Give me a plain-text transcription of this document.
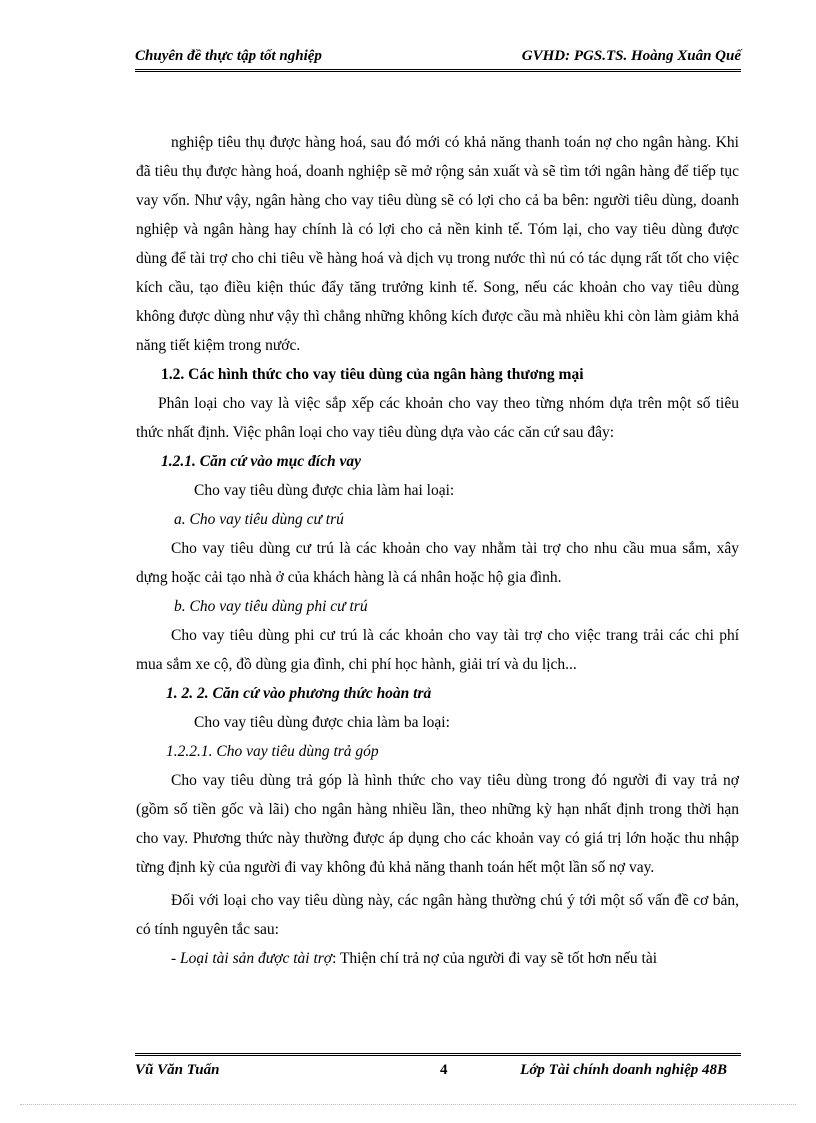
Chuyên đề thực tập tốt nghiệp	GVHD: PGS.TS. Hoàng Xuân Quế

nghiệp tiêu thụ được hàng hoá, sau đó mới có khả năng thanh toán nợ cho ngân hàng. Khi đã tiêu thụ được hàng hoá, doanh nghiệp sẽ mở rộng sản xuất và sẽ tìm tới ngân hàng để tiếp tục vay vốn. Như vậy, ngân hàng cho vay tiêu dùng sẽ có lợi cho cả ba bên: người tiêu dùng, doanh nghiệp và ngân hàng hay chính là có lợi cho cả nền kinh tế. Tóm lại, cho vay tiêu dùng được dùng để tài trợ cho chi tiêu về hàng hoá và dịch vụ trong nước thì nú có tác dụng rất tốt cho việc kích cầu, tạo điều kiện thúc đẩy tăng trưởng kinh tế. Song, nếu các khoản cho vay tiêu dùng không được dùng như vậy thì chẳng những không kích được cầu mà nhiều khi còn làm giảm khả năng tiết kiệm trong nước.

1.2. Các hình thức cho vay tiêu dùng của ngân hàng thương mại

Phân loại cho vay là việc sắp xếp các khoản cho vay theo từng nhóm dựa trên một số tiêu thức nhất định. Việc phân loại cho vay tiêu dùng dựa vào các căn cứ sau đây:

1.2.1. Căn cứ vào mục đích vay

Cho vay tiêu dùng được chia làm hai loại:

a. Cho vay tiêu dùng cư trú

Cho vay tiêu dùng cư trú là các khoản cho vay nhằm tài trợ cho nhu cầu mua sắm, xây dựng hoặc cải tạo nhà ở của khách hàng là cá nhân hoặc hộ gia đình.

b. Cho vay tiêu dùng phi cư trú

Cho vay tiêu dùng phi cư trú là các khoản cho vay tài trợ cho việc trang trải các chi phí mua sắm xe cộ, đồ dùng gia đình, chi phí học hành, giải trí và du lịch...

1. 2. 2. Căn cứ vào phương thức hoàn trả

Cho vay tiêu dùng được chia làm ba loại:

1.2.2.1. Cho vay tiêu dùng trả góp

Cho vay tiêu dùng trả góp là hình thức cho vay tiêu dùng trong đó người đi vay trả nợ (gồm số tiền gốc và lãi) cho ngân hàng nhiều lần, theo những kỳ hạn nhất định trong thời hạn cho vay. Phương thức này thường được áp dụng cho các khoản vay có giá trị lớn hoặc thu nhập từng định kỳ của người đi vay không đủ khả năng thanh toán hết một lần số nợ vay.

Đối với loại cho vay tiêu dùng này, các ngân hàng thường chú ý tới một số vấn đề cơ bản, có tính nguyên tắc sau:

- Loại tài sản được tài trợ: Thiện chí trả nợ của người đi vay sẽ tốt hơn nếu tài

Vũ Văn Tuấn	4	Lớp Tài chính doanh nghiệp 48B
